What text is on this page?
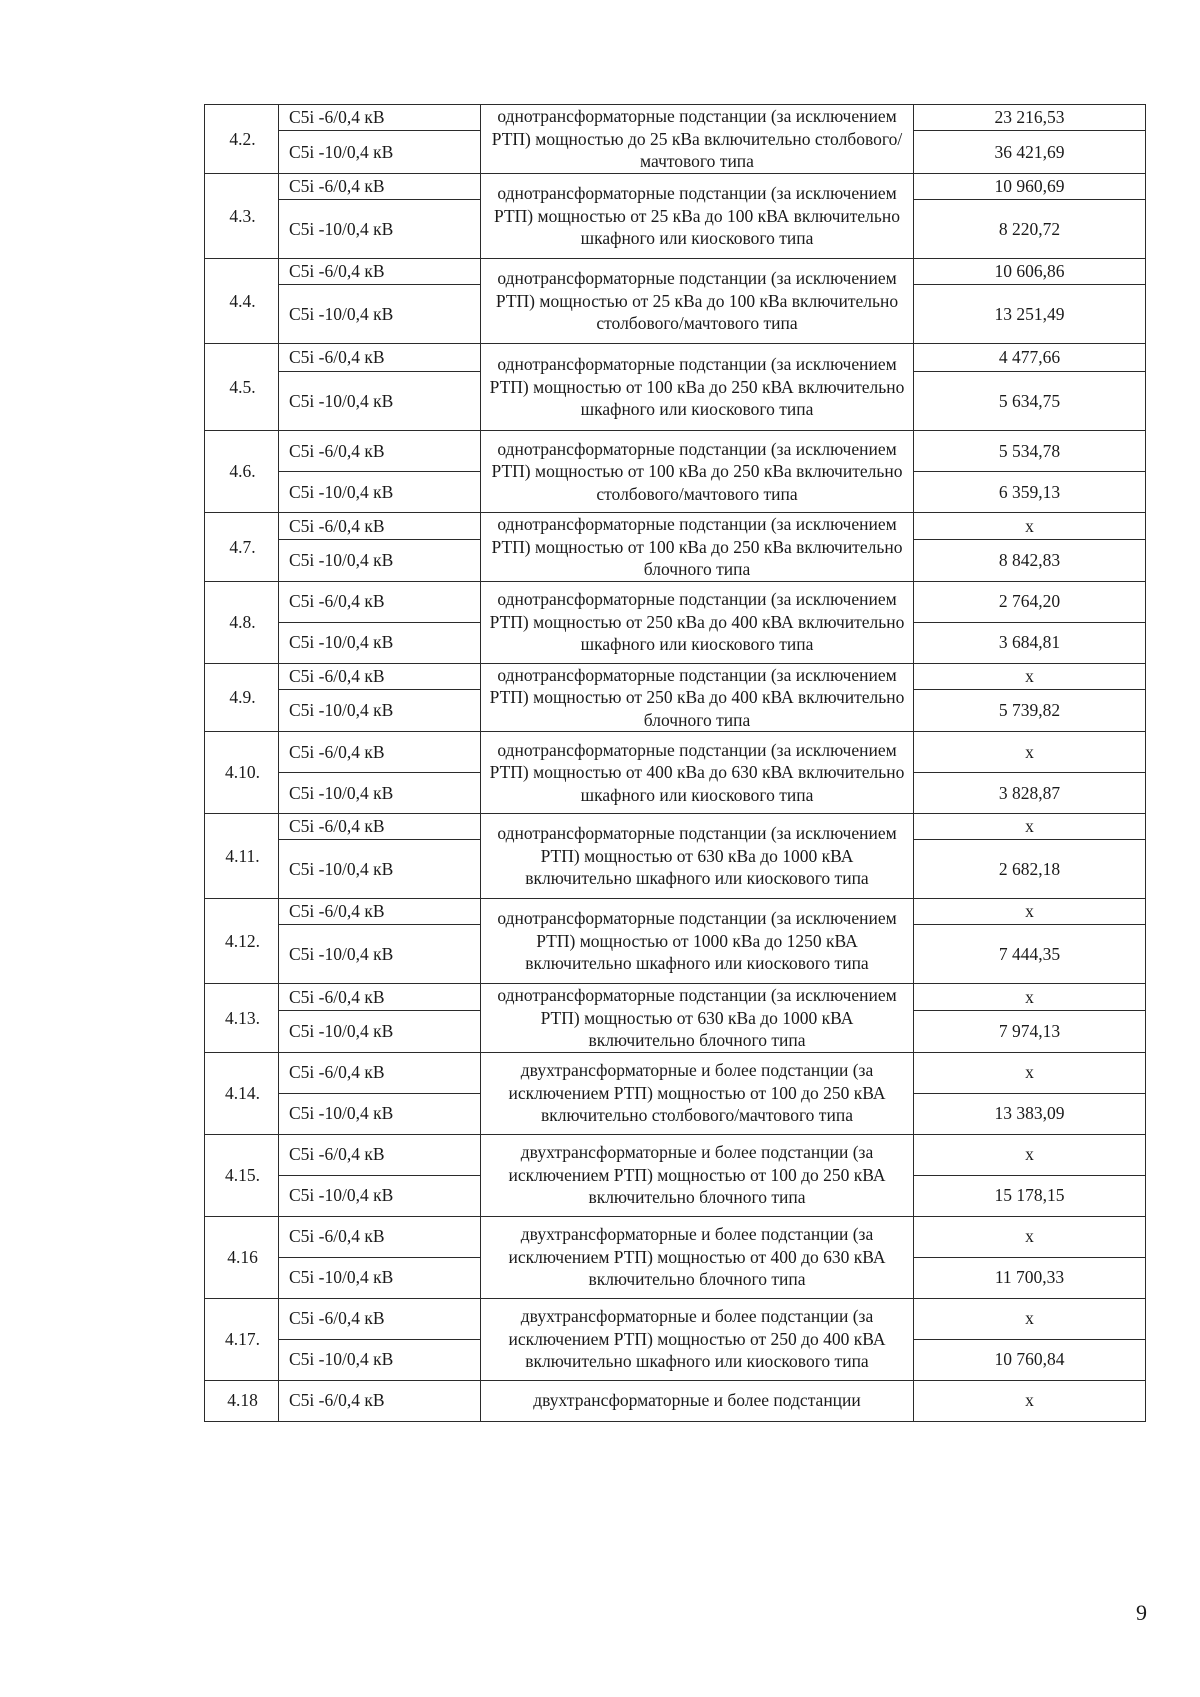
4.2.	C5i -6/0,4 кВ	однотрансформаторные подстанции (за исключением РТП) мощностью до 25 кВа включительно столбового/мачтового типа	23 216,53
	C5i -10/0,4 кВ		36 421,69
4.3.	C5i -6/0,4 кВ	однотрансформаторные подстанции (за исключением РТП) мощностью от 25 кВа до 100 кВА включительно шкафного или киоскового типа	10 960,69
	C5i -10/0,4 кВ		8 220,72
4.4.	C5i -6/0,4 кВ	однотрансформаторные подстанции (за исключением РТП) мощностью от 25 кВа до 100 кВа включительно столбового/мачтового типа	10 606,86
	C5i -10/0,4 кВ		13 251,49
4.5.	C5i -6/0,4 кВ	однотрансформаторные подстанции (за исключением РТП) мощностью от 100 кВа до 250 кВА включительно шкафного или киоскового типа	4 477,66
	C5i -10/0,4 кВ		5 634,75
4.6.	C5i -6/0,4 кВ	однотрансформаторные подстанции (за исключением РТП) мощностью от 100 кВа до 250 кВа включительно столбового/мачтового типа	5 534,78
	C5i -10/0,4 кВ		6 359,13
4.7.	C5i -6/0,4 кВ	однотрансформаторные подстанции (за исключением РТП) мощностью от 100 кВа до 250 кВа включительно блочного типа	x
	C5i -10/0,4 кВ		8 842,83
4.8.	C5i -6/0,4 кВ	однотрансформаторные подстанции (за исключением РТП) мощностью от 250 кВа до 400 кВА включительно шкафного или киоскового типа	2 764,20
	C5i -10/0,4 кВ		3 684,81
4.9.	C5i -6/0,4 кВ	однотрансформаторные подстанции (за исключением РТП) мощностью от 250 кВа до 400 кВА включительно блочного типа	x
	C5i -10/0,4 кВ		5 739,82
4.10.	C5i -6/0,4 кВ	однотрансформаторные подстанции (за исключением РТП) мощностью от 400 кВа до 630 кВА включительно шкафного или киоскового типа	x
	C5i -10/0,4 кВ		3 828,87
4.11.	C5i -6/0,4 кВ	однотрансформаторные подстанции (за исключением РТП) мощностью от 630 кВа до 1000 кВА включительно шкафного или киоскового типа	x
	C5i -10/0,4 кВ		2 682,18
4.12.	C5i -6/0,4 кВ	однотрансформаторные подстанции (за исключением РТП) мощностью от 1000 кВа до 1250 кВА включительно шкафного или киоскового типа	x
	C5i -10/0,4 кВ		7 444,35
4.13.	C5i -6/0,4 кВ	однотрансформаторные подстанции (за исключением РТП) мощностью от 630 кВа до 1000 кВА включительно блочного типа	x
	C5i -10/0,4 кВ		7 974,13
4.14.	C5i -6/0,4 кВ	двухтрансформаторные и более подстанции (за исключением РТП) мощностью от 100 до 250 кВА включительно столбового/мачтового типа	x
	C5i -10/0,4 кВ		13 383,09
4.15.	C5i -6/0,4 кВ	двухтрансформаторные и более подстанции (за исключением РТП) мощностью от 100 до 250 кВА включительно блочного типа	x
	C5i -10/0,4 кВ		15 178,15
4.16	C5i -6/0,4 кВ	двухтрансформаторные и более подстанции (за исключением РТП) мощностью от 400 до 630 кВА включительно блочного типа	x
	C5i -10/0,4 кВ		11 700,33
4.17.	C5i -6/0,4 кВ	двухтрансформаторные и более подстанции (за исключением РТП) мощностью от 250 до 400 кВА включительно шкафного или киоскового типа	x
	C5i -10/0,4 кВ		10 760,84
4.18	C5i -6/0,4 кВ	двухтрансформаторные и более подстанции	x
9
